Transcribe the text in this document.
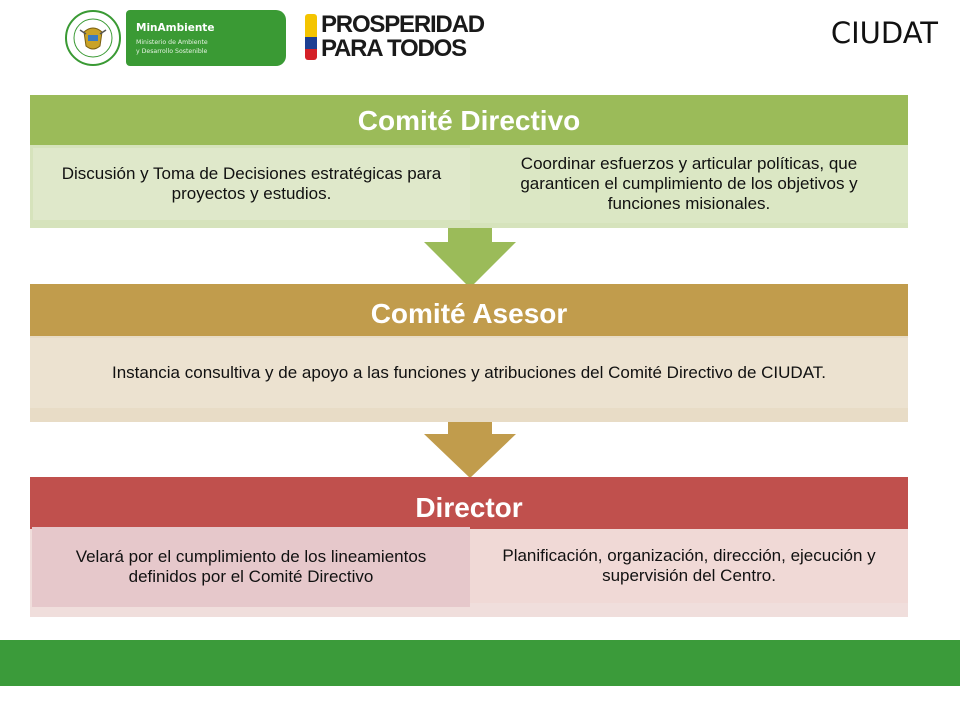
MinAmbiente
Ministerio de Ambiente
y Desarrollo Sostenible
PROSPERIDAD
PARA TODOS	CIUDAT
Comité Directivo
Discusión y Toma de Decisiones estratégicas para proyectos y estudios.
Coordinar esfuerzos y articular políticas, que garanticen el cumplimiento de los objetivos y funciones misionales.
Comité Asesor
Instancia consultiva y de apoyo a las funciones y atribuciones del Comité Directivo de CIUDAT.
Director
Velará por el cumplimiento de los lineamientos definidos por el Comité Directivo
Planificación, organización, dirección, ejecución y supervisión del Centro.
